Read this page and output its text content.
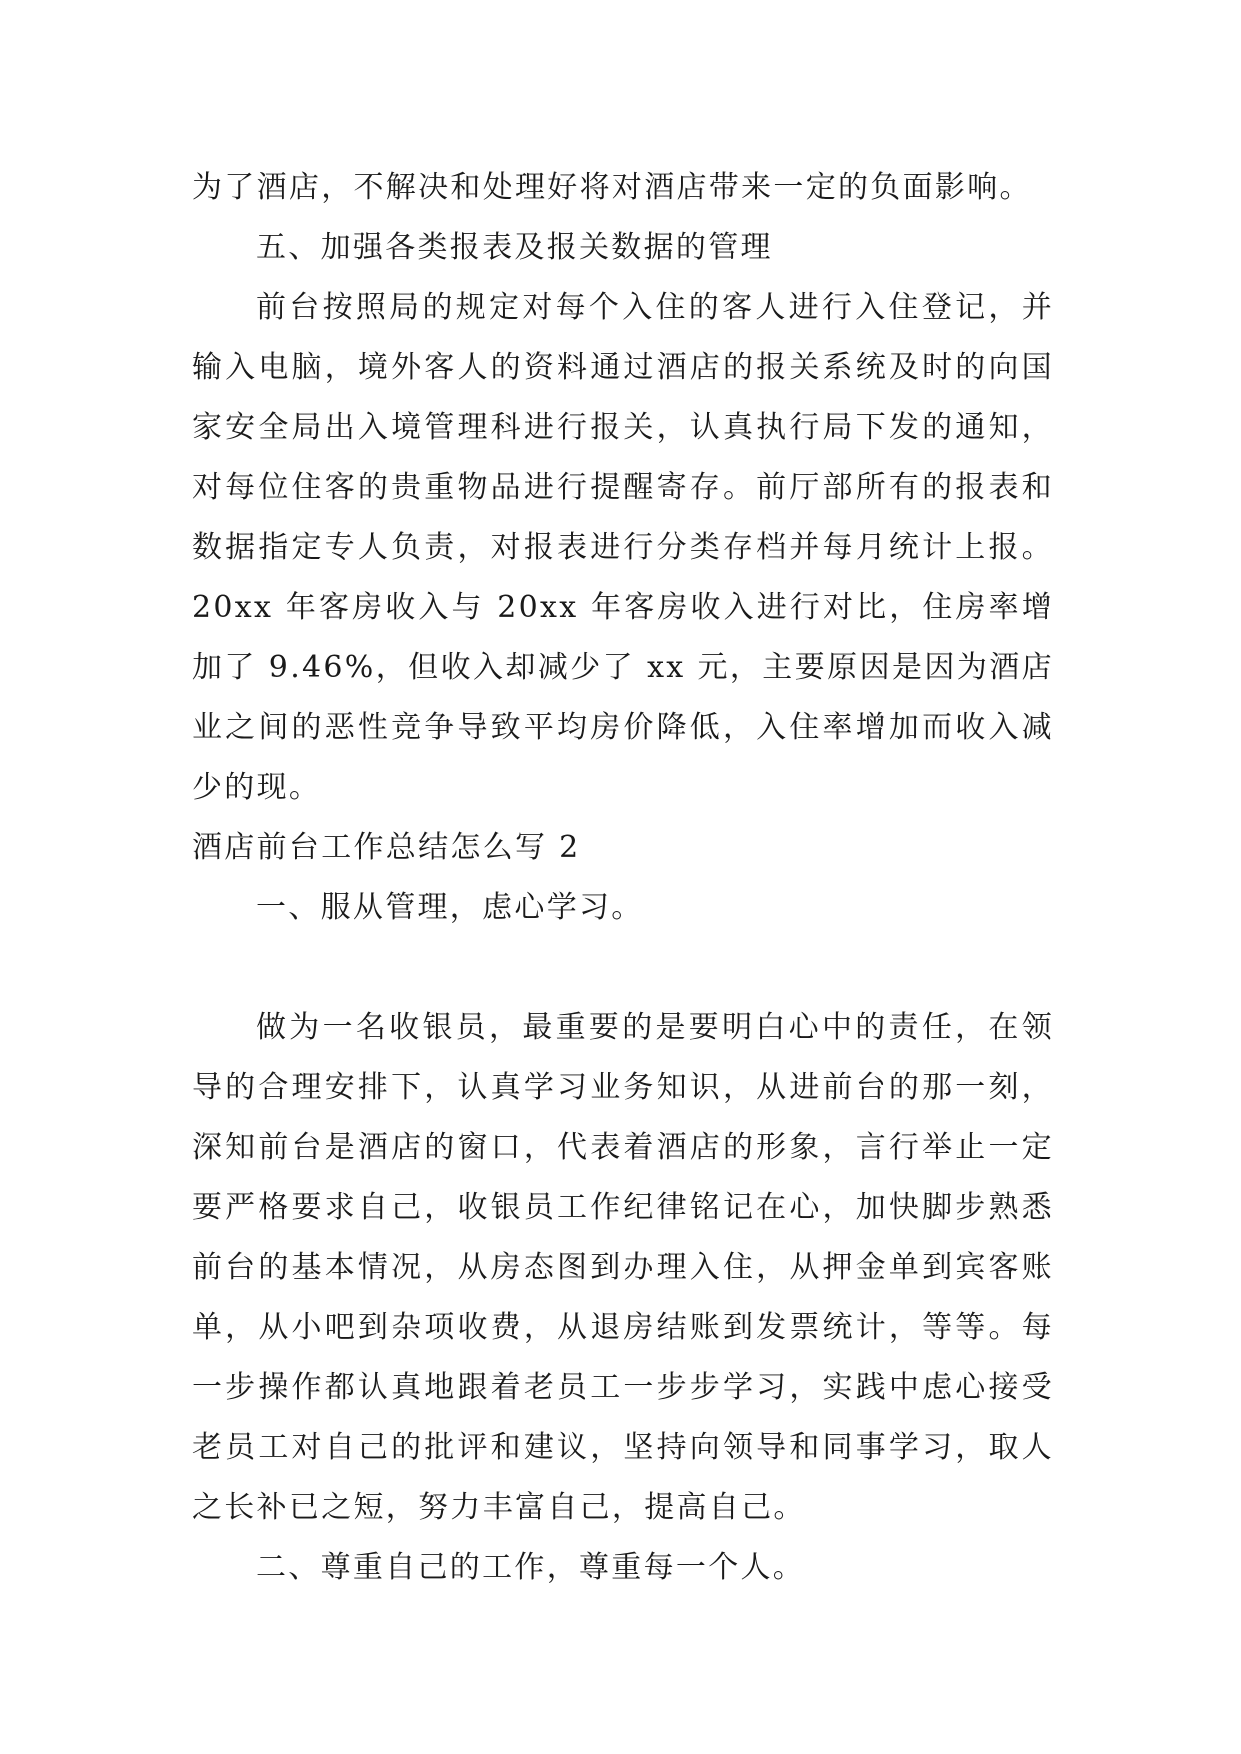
为了酒店，不解决和处理好将对酒店带来一定的负面影响。

五、加强各类报表及报关数据的管理

前台按照局的规定对每个入住的客人进行入住登记，并输入电脑，境外客人的资料通过酒店的报关系统及时的向国家安全局出入境管理科进行报关，认真执行局下发的通知，对每位住客的贵重物品进行提醒寄存。前厅部所有的报表和数据指定专人负责，对报表进行分类存档并每月统计上报。20xx 年客房收入与 20xx 年客房收入进行对比，住房率增加了 9.46%，但收入却减少了 xx 元，主要原因是因为酒店业之间的恶性竞争导致平均房价降低，入住率增加而收入减少的现。

酒店前台工作总结怎么写 2

一、服从管理，虑心学习。

做为一名收银员，最重要的是要明白心中的责任，在领导的合理安排下，认真学习业务知识，从进前台的那一刻，深知前台是酒店的窗口，代表着酒店的形象，言行举止一定要严格要求自己，收银员工作纪律铭记在心，加快脚步熟悉前台的基本情况，从房态图到办理入住，从押金单到宾客账单，从小吧到杂项收费，从退房结账到发票统计，等等。每一步操作都认真地跟着老员工一步步学习，实践中虑心接受老员工对自己的批评和建议，坚持向领导和同事学习，取人之长补已之短，努力丰富自己，提高自己。

二、尊重自己的工作，尊重每一个人。
